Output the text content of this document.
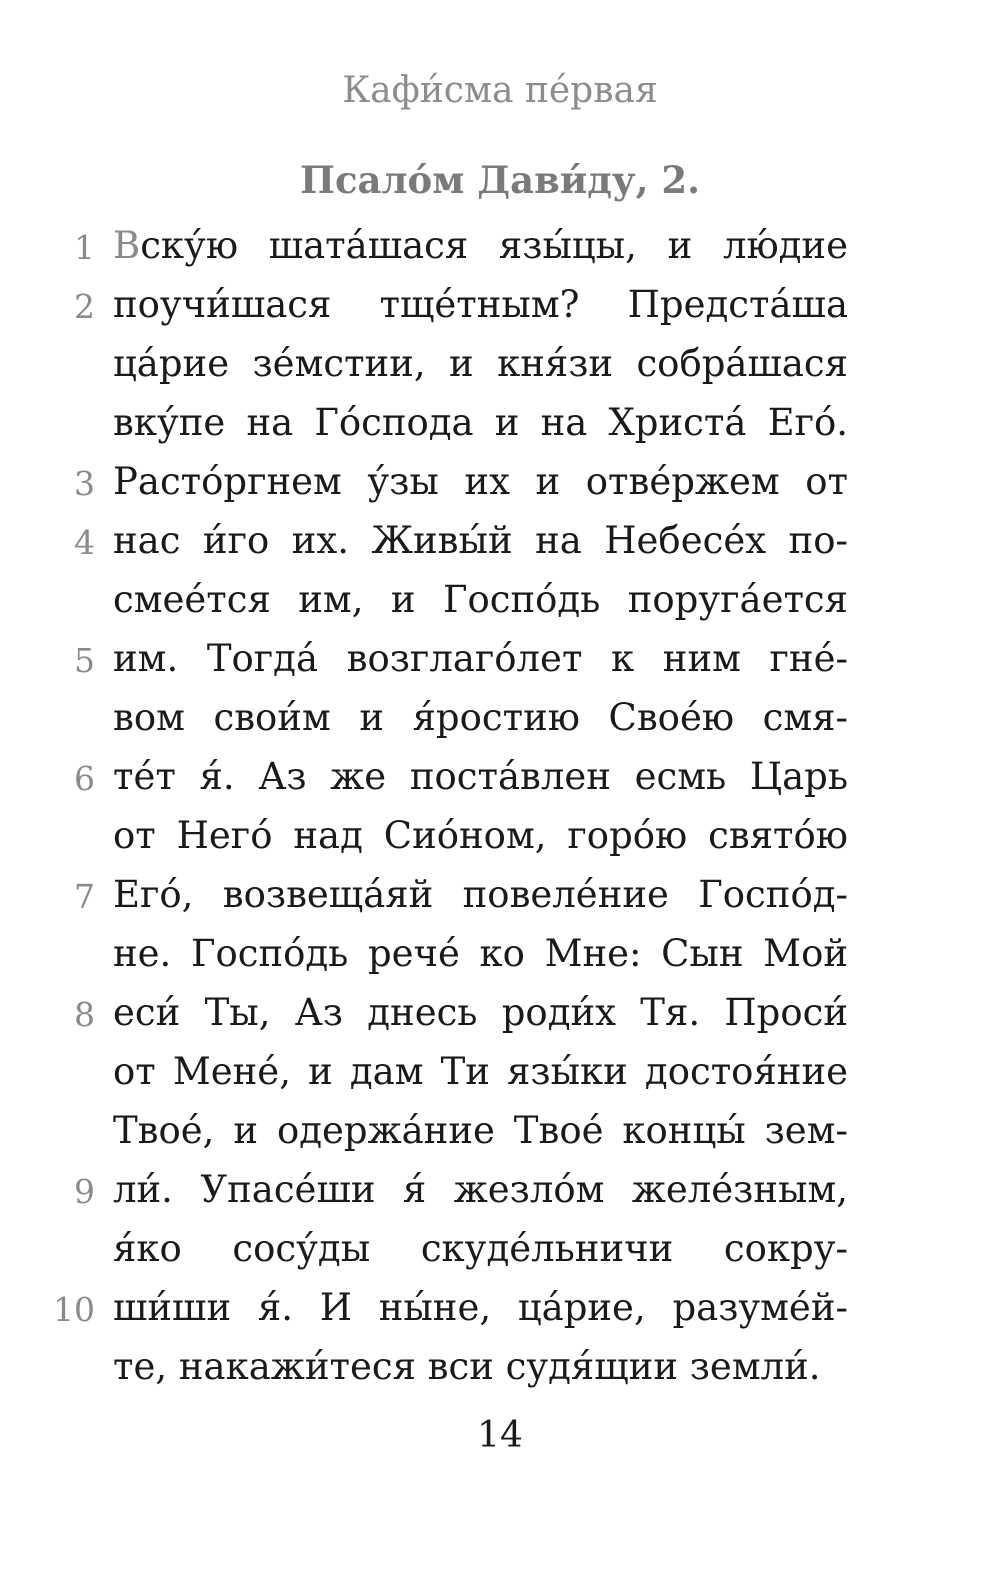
Кафи́сма пе́рвая
Псало́м Дави́ду, 2.
1 Вску́ю шата́шася язы́цы, и лю́дие
2 поучи́шася тще́тным? Предста́ша
ца́рие зе́мстии, и кня́зи собра́шася
вку́пе на Го́спода и на Христа́ Его́.
3 Расто́ргнем у́зы их и отве́ржем от
4 нас и́го их. Живы́й на Небесе́х по-
смее́тся им, и Госпо́дь поруга́ется
5 им. Тогда́ возглаго́лет к ним гне́-
вом свои́м и я́ростию Свое́ю смя-
6 те́т я́. Аз же поста́влен есмь Царь
от Него́ над Сио́ном, горо́ю свято́ю
7 Его́, возвеща́яй повеле́ние Госпо́д-
не. Госпо́дь рече́ ко Мне: Сын Мой
8 еси́ Ты, Аз днесь роди́х Тя. Проси́
от Мене́, и дам Ти язы́ки достоя́ние
Твое́, и одержа́ние Твое́ концы́ зем-
9 ли́. Упасе́ши я́ жезло́м желе́зным,
я́ко сосу́ды скуде́льничи сокру-
10 ши́ши я́. И ны́не, ца́рие, разуме́й-
те, накажи́теся вси судя́щии земли́.
14
